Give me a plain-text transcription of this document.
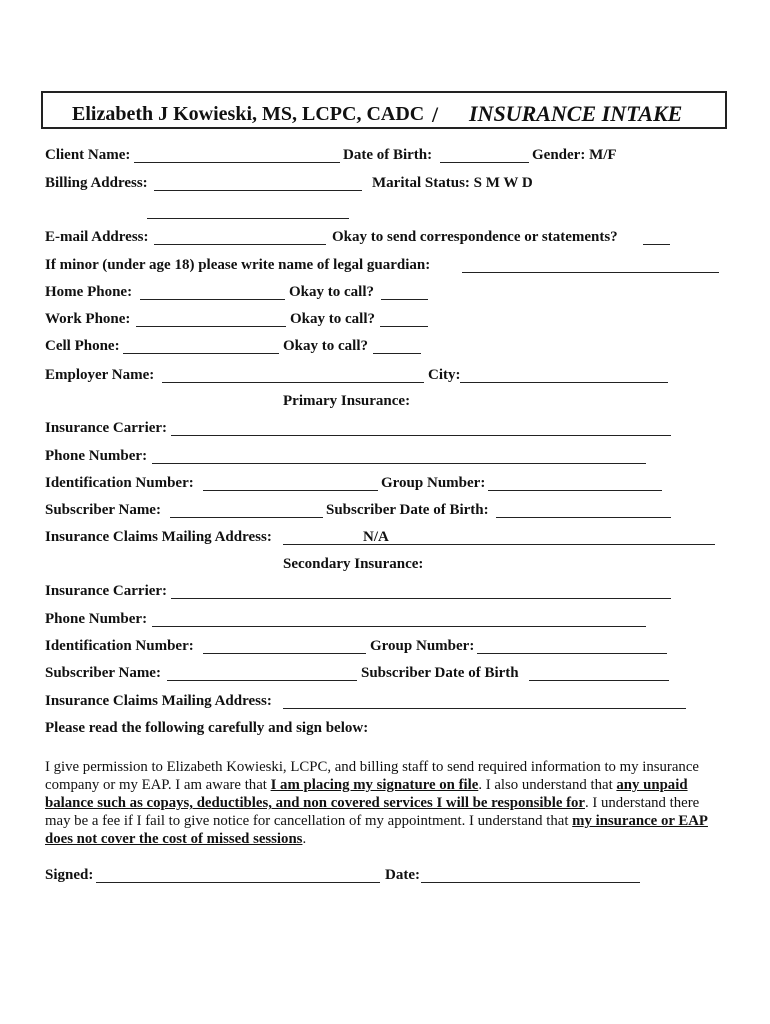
Elizabeth J Kowieski, MS, LCPC, CADC / INSURANCE INTAKE
Client Name:	Date of Birth:	Gender: M/F
Billing Address:	Marital Status: S M W D
E-mail Address:	Okay to send correspondence or statements?
If minor (under age 18) please write name of legal guardian:
Home Phone:	Okay to call?
Work Phone:	Okay to call?
Cell Phone:	Okay to call?
Employer Name:	City:
Primary Insurance:
Insurance Carrier:
Phone Number:
Identification Number:	Group Number:
Subscriber Name:	Subscriber Date of Birth:
Insurance Claims Mailing Address:	N/A
Secondary Insurance:
Insurance Carrier:
Phone Number:
Identification Number:	Group Number:
Subscriber Name:	Subscriber Date of Birth
Insurance Claims Mailing Address:
Please read the following carefully and sign below:
I give permission to Elizabeth Kowieski, LCPC, and billing staff to send required information to my insurance company or my EAP. I am aware that I am placing my signature on file. I also understand that any unpaid balance such as copays, deductibles, and non covered services I will be responsible for. I understand there may be a fee if I fail to give notice for cancellation of my appointment. I understand that my insurance or EAP does not cover the cost of missed sessions.
Signed:	Date:
